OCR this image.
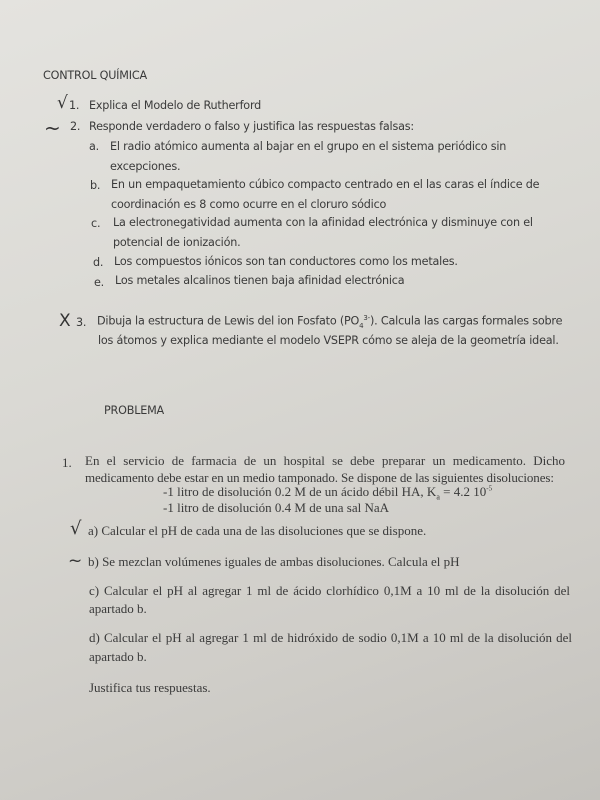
CONTROL QUÍMICA
√ 1. Explica el Modelo de Rutherford
~ 2. Responde verdadero o falso y justifica las respuestas falsas:
a. El radio atómico aumenta al bajar en el grupo en el sistema periódico sin
excepciones.
b. En un empaquetamiento cúbico compacto centrado en el las caras el índice de
coordinación es 8 como ocurre en el cloruro sódico
c. La electronegatividad aumenta con la afinidad electrónica y disminuye con el
potencial de ionización.
d. Los compuestos iónicos son tan conductores como los metales.
e. Los metales alcalinos tienen baja afinidad electrónica
X 3. Dibuja la estructura de Lewis del ion Fosfato $(PO_4^{3-})$. Calcula las cargas formales sobre
los átomos y explica mediante el modelo VSEPR cómo se aleja de la geometría ideal.
PROBLEMA
1. En el servicio de farmacia de un hospital se debe preparar un medicamento. Dicho
medicamento debe estar en un medio tamponado. Se dispone de las siguientes disoluciones:
-1 litro de disolución 0.2 M de un ácido débil HA, $K_a = 4.2$ $10^{-5}$
-1 litro de disolución 0.4 M de una sal NaA
√ a) Calcular el pH de cada una de las disoluciones que se dispone.
~ b) Se mezclan volúmenes iguales de ambas disoluciones. Calcula el pH
c) Calcular el pH al agregar 1 ml de ácido clorhídico 0,1M a 10 ml de la disolución del
apartado b.
d) Calcular el pH al agregar 1 ml de hidróxido de sodio 0,1M a 10 ml de la disolución del
apartado b.
Justifica tus respuestas.
